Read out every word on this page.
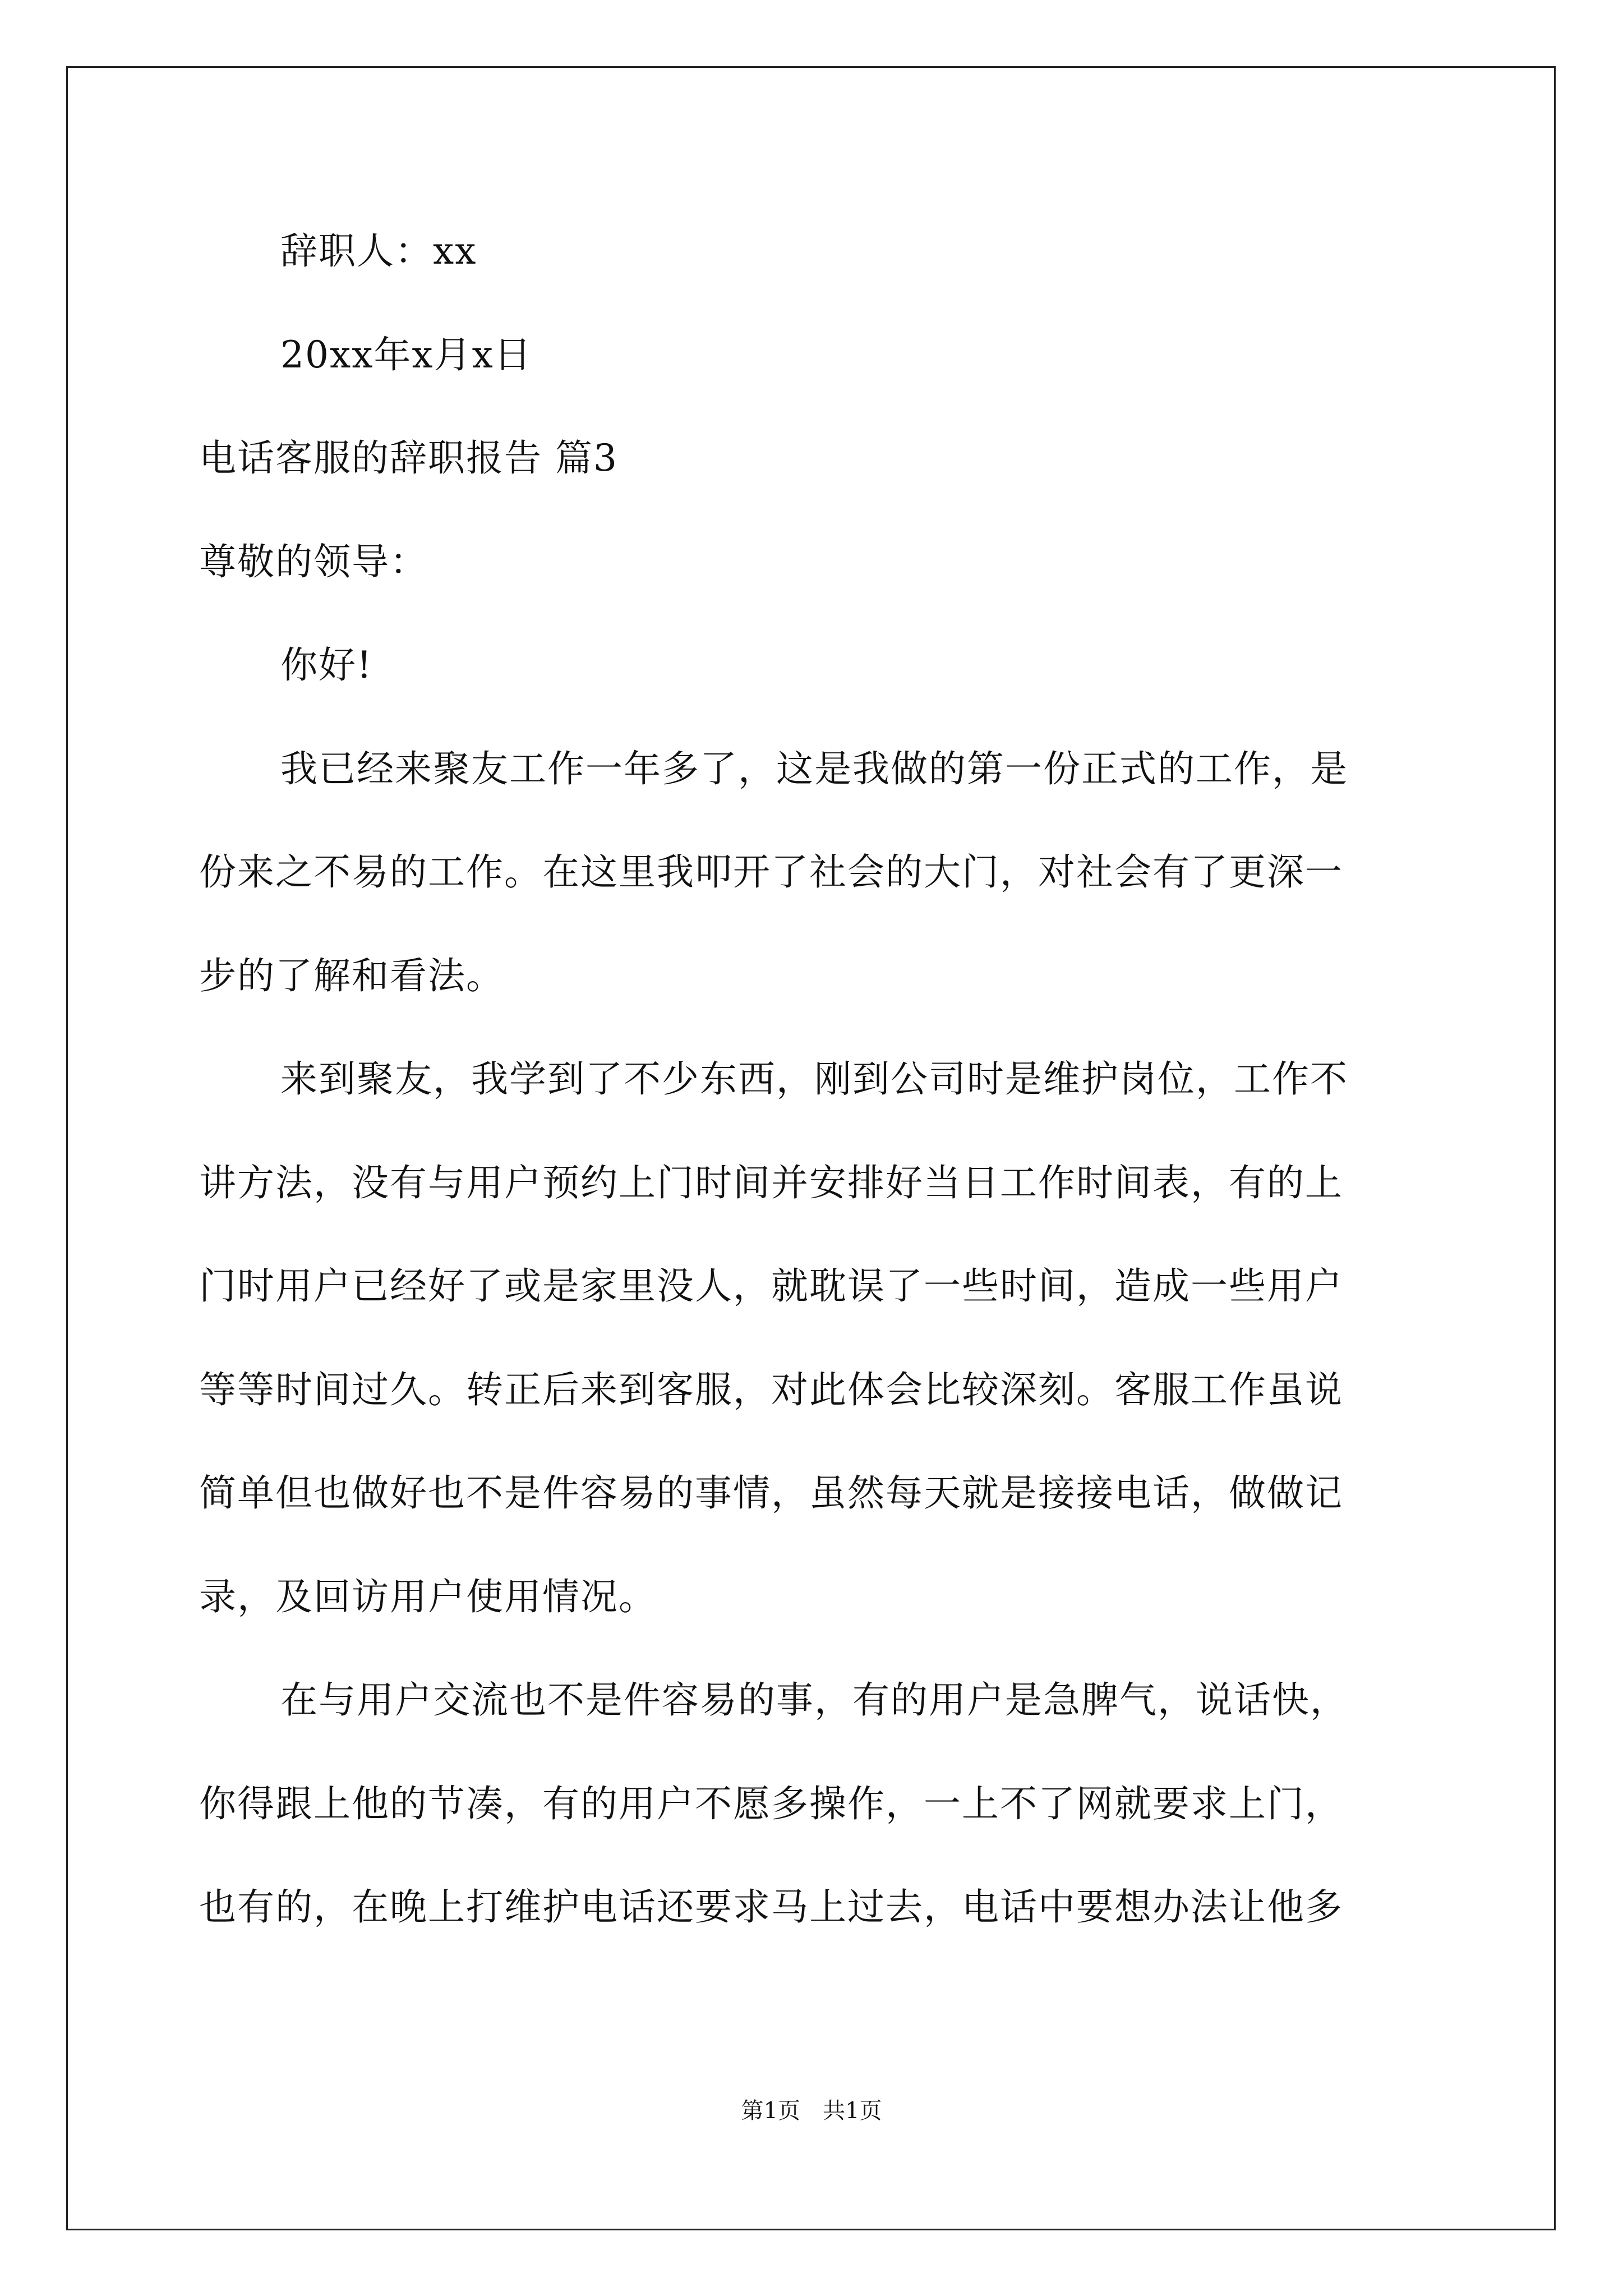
辞职人：xx
20xx年x月x日
电话客服的辞职报告 篇3
尊敬的领导：
你好!
我已经来聚友工作一年多了，这是我做的第一份正式的工作，是
份来之不易的工作。在这里我叩开了社会的大门，对社会有了更深一
步的了解和看法。
来到聚友，我学到了不少东西，刚到公司时是维护岗位，工作不
讲方法，没有与用户预约上门时间并安排好当日工作时间表，有的上
门时用户已经好了或是家里没人，就耽误了一些时间，造成一些用户
等等时间过久。转正后来到客服，对此体会比较深刻。客服工作虽说
简单但也做好也不是件容易的事情，虽然每天就是接接电话，做做记
录，及回访用户使用情况。
在与用户交流也不是件容易的事，有的用户是急脾气，说话快，
你得跟上他的节凑，有的用户不愿多操作，一上不了网就要求上门，
也有的，在晚上打维护电话还要求马上过去，电话中要想办法让他多
第1页　共1页
